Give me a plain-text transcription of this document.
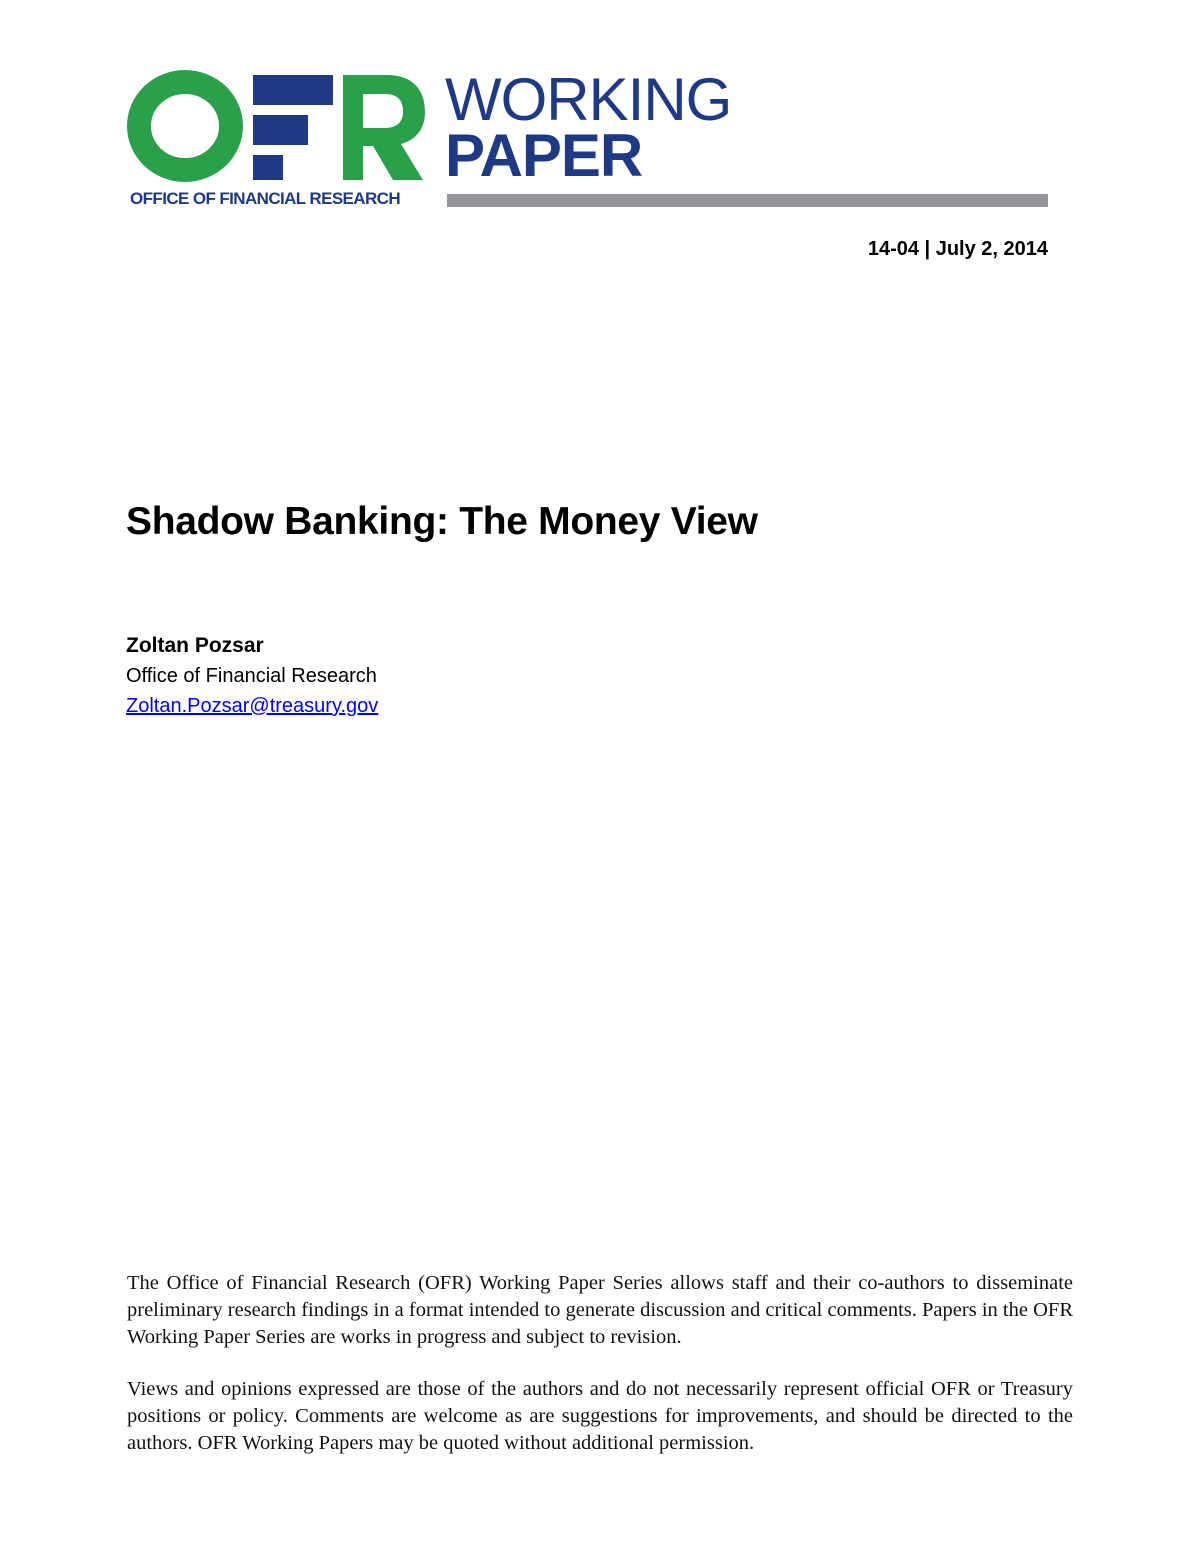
OFFICE OF FINANCIAL RESEARCH
WORKING
PAPER
14-04 | July 2, 2014
Shadow Banking: The Money View
Zoltan Pozsar
Office of Financial Research
Zoltan.Pozsar@treasury.gov
The Office of Financial Research (OFR) Working Paper Series allows staff and their co-authors to disseminate preliminary research findings in a format intended to generate discussion and critical comments. Papers in the OFR Working Paper Series are works in progress and subject to revision.
Views and opinions expressed are those of the authors and do not necessarily represent official OFR or Treasury positions or policy. Comments are welcome as are suggestions for improvements, and should be directed to the authors. OFR Working Papers may be quoted without additional permission.
